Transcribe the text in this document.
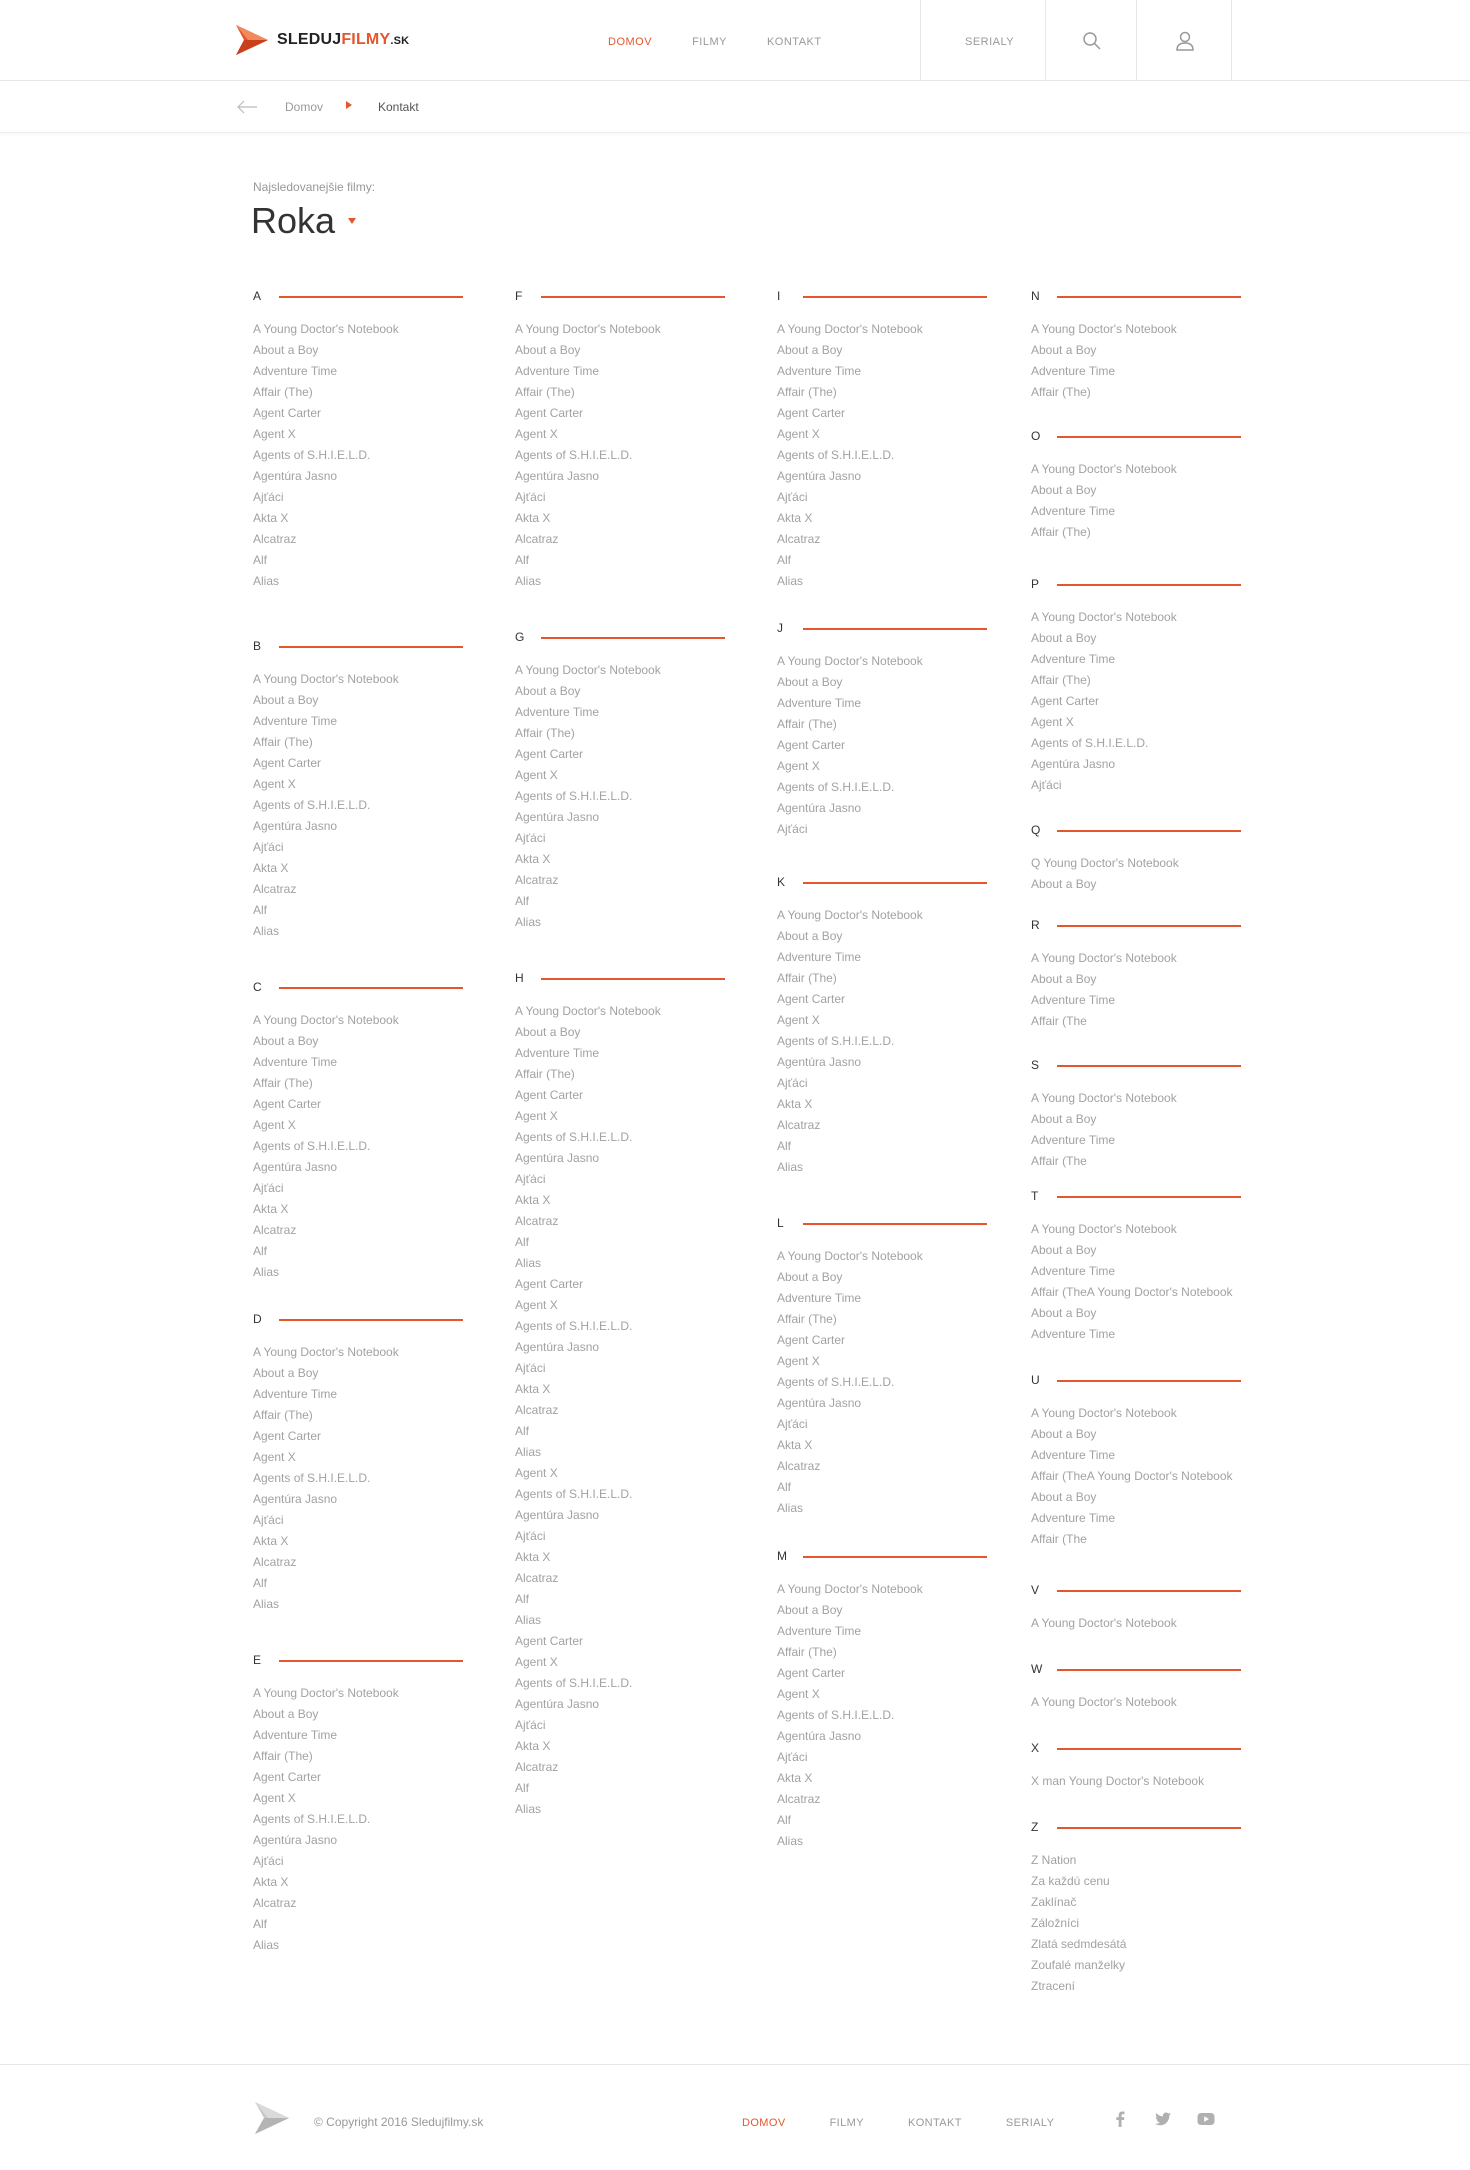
SLEDUJFILMY.SK	DOMOV	FILMY	KONTAKT	SERIALY
Domov	Kontakt
Najsledovanejšie filmy:
Roka
A
A Young Doctor's Notebook
About a Boy
Adventure Time
Affair (The)
Agent Carter
Agent X
Agents of S.H.I.E.L.D.
Agentúra Jasno
Ajťáci
Akta X
Alcatraz
Alf
Alias
B
A Young Doctor's Notebook
About a Boy
Adventure Time
Affair (The)
Agent Carter
Agent X
Agents of S.H.I.E.L.D.
Agentúra Jasno
Ajťáci
Akta X
Alcatraz
Alf
Alias
C
A Young Doctor's Notebook
About a Boy
Adventure Time
Affair (The)
Agent Carter
Agent X
Agents of S.H.I.E.L.D.
Agentúra Jasno
Ajťáci
Akta X
Alcatraz
Alf
Alias
D
A Young Doctor's Notebook
About a Boy
Adventure Time
Affair (The)
Agent Carter
Agent X
Agents of S.H.I.E.L.D.
Agentúra Jasno
Ajťáci
Akta X
Alcatraz
Alf
Alias
E
A Young Doctor's Notebook
About a Boy
Adventure Time
Affair (The)
Agent Carter
Agent X
Agents of S.H.I.E.L.D.
Agentúra Jasno
Ajťáci
Akta X
Alcatraz
Alf
Alias
F
A Young Doctor's Notebook
About a Boy
Adventure Time
Affair (The)
Agent Carter
Agent X
Agents of S.H.I.E.L.D.
Agentúra Jasno
Ajťáci
Akta X
Alcatraz
Alf
Alias
G
A Young Doctor's Notebook
About a Boy
Adventure Time
Affair (The)
Agent Carter
Agent X
Agents of S.H.I.E.L.D.
Agentúra Jasno
Ajťáci
Akta X
Alcatraz
Alf
Alias
H
A Young Doctor's Notebook
About a Boy
Adventure Time
Affair (The)
Agent Carter
Agent X
Agents of S.H.I.E.L.D.
Agentúra Jasno
Ajťáci
Akta X
Alcatraz
Alf
Alias
Agent Carter
Agent X
Agents of S.H.I.E.L.D.
Agentúra Jasno
Ajťáci
Akta X
Alcatraz
Alf
Alias
Agent X
Agents of S.H.I.E.L.D.
Agentúra Jasno
Ajťáci
Akta X
Alcatraz
Alf
Alias
Agent Carter
Agent X
Agents of S.H.I.E.L.D.
Agentúra Jasno
Ajťáci
Akta X
Alcatraz
Alf
Alias
I
A Young Doctor's Notebook
About a Boy
Adventure Time
Affair (The)
Agent Carter
Agent X
Agents of S.H.I.E.L.D.
Agentúra Jasno
Ajťáci
Akta X
Alcatraz
Alf
Alias
J
A Young Doctor's Notebook
About a Boy
Adventure Time
Affair (The)
Agent Carter
Agent X
Agents of S.H.I.E.L.D.
Agentúra Jasno
Ajťáci
K
A Young Doctor's Notebook
About a Boy
Adventure Time
Affair (The)
Agent Carter
Agent X
Agents of S.H.I.E.L.D.
Agentúra Jasno
Ajťáci
Akta X
Alcatraz
Alf
Alias
L
A Young Doctor's Notebook
About a Boy
Adventure Time
Affair (The)
Agent Carter
Agent X
Agents of S.H.I.E.L.D.
Agentúra Jasno
Ajťáci
Akta X
Alcatraz
Alf
Alias
M
A Young Doctor's Notebook
About a Boy
Adventure Time
Affair (The)
Agent Carter
Agent X
Agents of S.H.I.E.L.D.
Agentúra Jasno
Ajťáci
Akta X
Alcatraz
Alf
Alias
N
A Young Doctor's Notebook
About a Boy
Adventure Time
Affair (The)
O
A Young Doctor's Notebook
About a Boy
Adventure Time
Affair (The)
P
A Young Doctor's Notebook
About a Boy
Adventure Time
Affair (The)
Agent Carter
Agent X
Agents of S.H.I.E.L.D.
Agentúra Jasno
Ajťáci
Q
Q Young Doctor's Notebook
About a Boy
R
A Young Doctor's Notebook
About a Boy
Adventure Time
Affair (The
S
A Young Doctor's Notebook
About a Boy
Adventure Time
Affair (The
T
A Young Doctor's Notebook
About a Boy
Adventure Time
Affair (TheA Young Doctor's Notebook
About a Boy
Adventure Time
U
A Young Doctor's Notebook
About a Boy
Adventure Time
Affair (TheA Young Doctor's Notebook
About a Boy
Adventure Time
Affair (The
V
A Young Doctor's Notebook
W
A Young Doctor's Notebook
X
X man Young Doctor's Notebook
Z
Z Nation
Za každú cenu
Zaklínač
Záložníci
Zlatá sedmdesátá
Zoufalé manželky
Ztracení
© Copyright 2016 Sledujfilmy.sk	DOMOV	FILMY	KONTAKT	SERIALY
